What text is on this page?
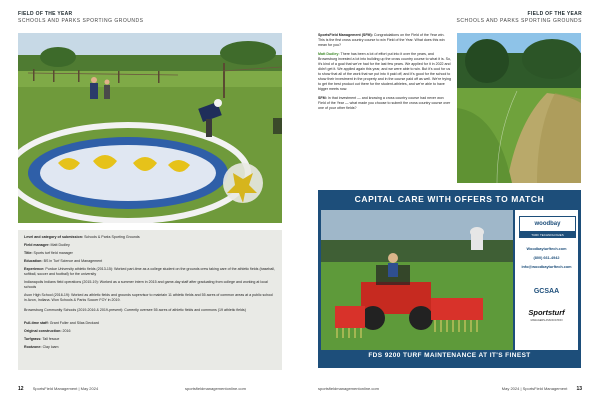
FIELD OF THE YEAR
SCHOOLS AND PARKS SPORTING GROUNDS
Level and category of submission: Schools & Parks Sporting Grounds
Field manager: Matt Dudley
Title: Sports turf field manager
Education: BS in Turf Science and Management
Experience: Purdue University athletic fields (2013-15): Worked part-time as a college student on the grounds crew taking care of the athletic fields (baseball, softball, soccer and football) for the university
Indianapolis Indians field operations (2015-19): Worked as a summer intern in 2015 and game-day staff after graduating from college and working at local schools
Avon High School (2016-19): Worked as athletic fields and grounds supervisor to maintain 11 athletic fields and 55 acres of common areas at a public school in Avon, Indiana. Won Schools & Parks Soccer FOY in 2019.
Brownsburg Community Schools (2019-2016 & 2019-present): Currently oversee 55 acres of athletic fields and commons (19 athletic fields)
Full-time staff: Grant Fuller and Silas Deckard
Original construction: 2016
Turfgrass: Tall fescue
Rootzone: Clay loam
12 SportsField Management | May 2024	sportsfieldmanagementonline.com
FIELD OF THE YEAR
SCHOOLS AND PARKS SPORTING GROUNDS

SportsField Management (SFM): Congratulations on the Field of the Year win. This is the first cross country course to win Field of the Year. What does this win mean for you?

Matt Dudley: There has been a lot of effort put into it over the years, and Brownsburg invested a lot into building up the cross country course to what it is. So, it's kind of a goal that we've had for the last few years. We applied for it in 2022 and didn't get it. We applied again this year, and we were able to win. But it's cool for us to show that all of the work that we put into it paid off, and it's good for the school to show their investment in the property and in the course paid off as well. We're trying to get the best product out there for the student-athletes, and we're able to have bigger meets now.

SFM: In that investment — and knowing a cross country course had never won Field of the Year — what made you choose to submit the cross country course over one of your other fields?

CAPITAL CARE WITH OFFERS TO MATCH
woodbay
TURF TECHNOLOGIES
Woodbayturftech.com
(800) 661-4942
info@woodbayturftech.com
GCSAA
Sportsturf
MANAGERS ASSOCIATION
FDS 9200 TURF MAINTENANCE AT IT'S FINEST
sportsfieldmanagementonline.com	May 2024 | SportsField Management 13
